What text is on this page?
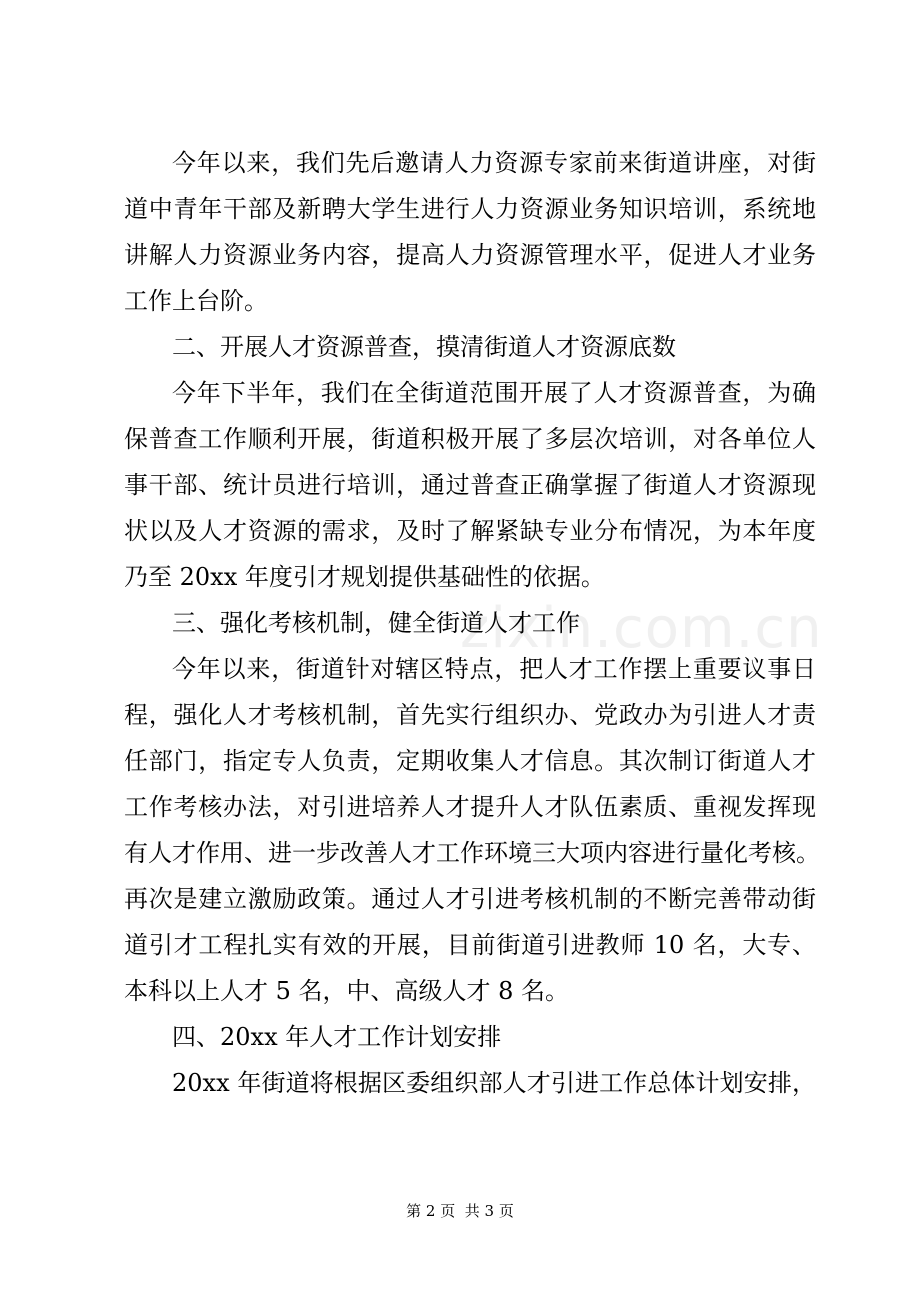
zixin.com.cn
今年以来，我们先后邀请人力资源专家前来街道讲座，对街
道中青年干部及新聘大学生进行人力资源业务知识培训，系统地
讲解人力资源业务内容，提高人力资源管理水平，促进人才业务
工作上台阶。
二、开展人才资源普查，摸清街道人才资源底数
今年下半年，我们在全街道范围开展了人才资源普查，为确
保普查工作顺利开展，街道积极开展了多层次培训，对各单位人
事干部、统计员进行培训，通过普查正确掌握了街道人才资源现
状以及人才资源的需求，及时了解紧缺专业分布情况，为本年度
乃至 20xx 年度引才规划提供基础性的依据。
三、强化考核机制，健全街道人才工作
今年以来，街道针对辖区特点，把人才工作摆上重要议事日
程，强化人才考核机制，首先实行组织办、党政办为引进人才责
任部门，指定专人负责，定期收集人才信息。其次制订街道人才
工作考核办法，对引进培养人才提升人才队伍素质、重视发挥现
有人才作用、进一步改善人才工作环境三大项内容进行量化考核。
再次是建立激励政策。通过人才引进考核机制的不断完善带动街
道引才工程扎实有效的开展，目前街道引进教师 10 名，大专、
本科以上人才 5 名，中、高级人才 8 名。
四、20xx 年人才工作计划安排
20xx 年街道将根据区委组织部人才引进工作总体计划安排，
第 2 页  共 3 页
